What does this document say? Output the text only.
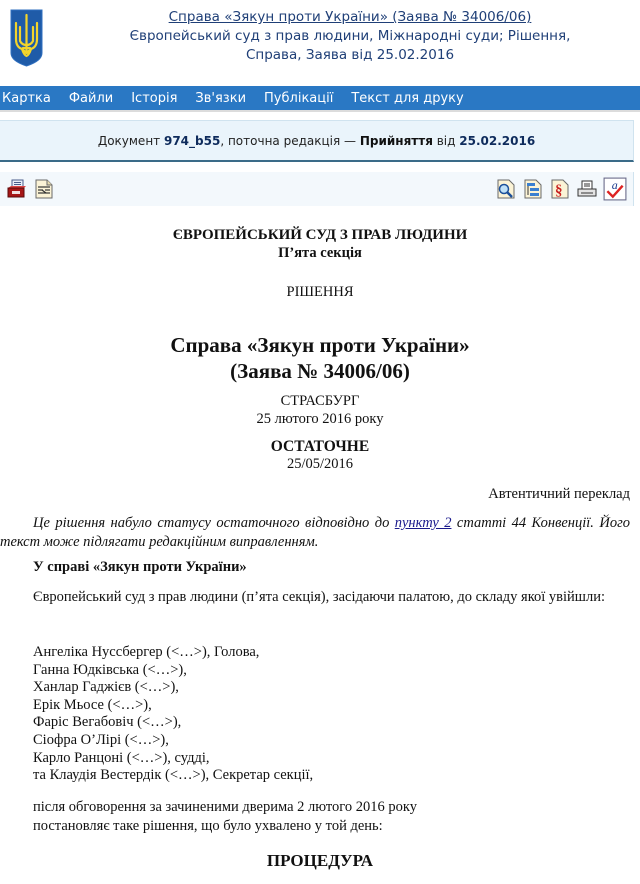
Справа «Зякун проти України» (Заява № 34006/06)
Європейський суд з прав людини, Міжнародні суди; Рішення,
Справа, Заява від 25.02.2016
Картка Файли Історія Зв'язки Публікації Текст для друку
Документ
974_b55 , поточна редакція —
Прийняття
від
25.02.2016
§	a
ЄВРОПЕЙСЬКИЙ СУД З ПРАВ ЛЮДИНИ
П’ята секція
РІШЕННЯ
Справа «Зякун проти України»
(Заява № 34006/06)
СТРАСБУРГ
25 лютого 2016 року
ОСТАТОЧНЕ
25/05/2016
Автентичний переклад

Це рішення набуло статусу остаточного відповідно до пункту 2 статті 44 Конвенції. Його текст може підлягати редакційним виправленням.

У справі «Зякун проти України»

Європейський суд з прав людини (п’ята секція), засідаючи палатою, до складу якої увійшли:

Ангеліка Нуссбергер (<…>), Голова,
Ганна Юдківська (<…>),
Ханлар Гаджієв (<…>),
Ерік Мьосе (<…>),
Фаріс Вегабовіч (<…>),
Сіофра О’Лірі (<…>),
Карло Ранцоні (<…>), судді,
та Клаудія Вестердік (<…>), Секретар секції,
після обговорення за зачиненими дверима 2 лютого 2016 року
постановляє таке рішення, що було ухвалено у той день:
ПРОЦЕДУРА
